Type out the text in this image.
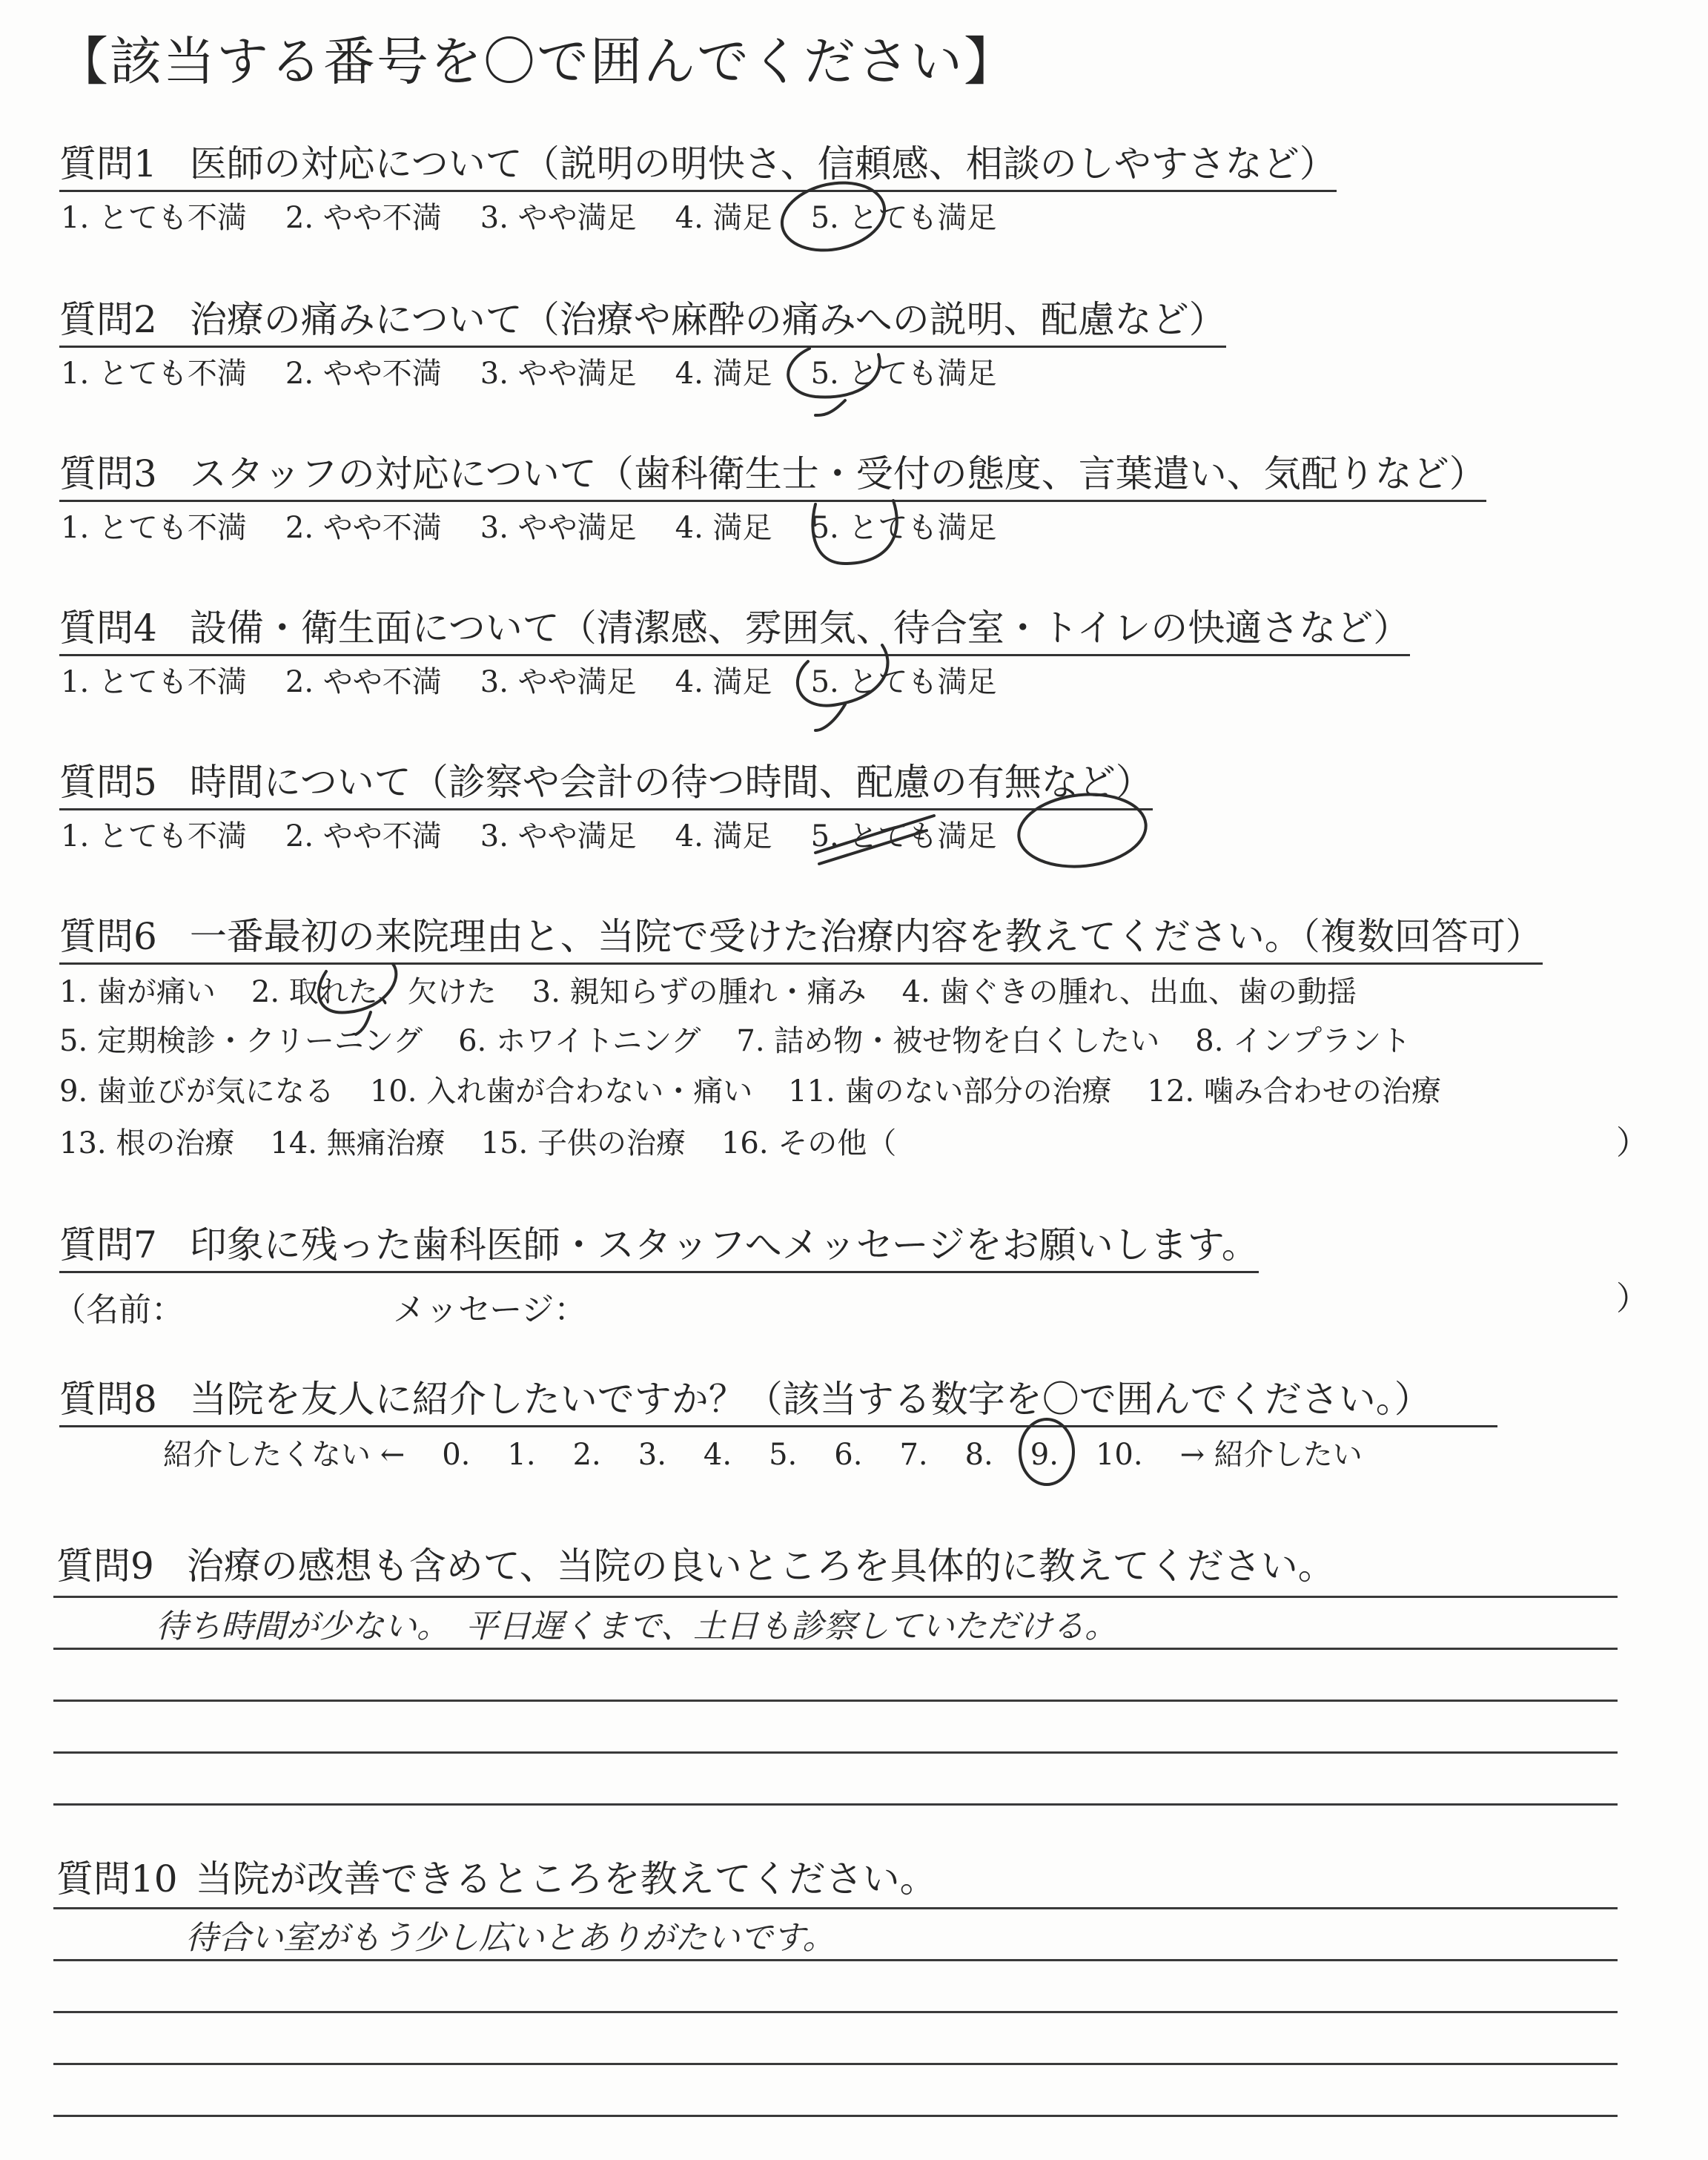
【該当する番号を〇で囲んでください】
質問1 医師の対応について（説明の明快さ、信頼感、相談のしやすさなど）
1. とても不満 2. やや不満 3. やや満足 4. 満足 5. とても満足
質問2 治療の痛みについて（治療や麻酔の痛みへの説明、配慮など）
1. とても不満 2. やや不満 3. やや満足 4. 満足 5. とても満足
質問3 スタッフの対応について（歯科衛生士・受付の態度、言葉遣い、気配りなど）
1. とても不満 2. やや不満 3. やや満足 4. 満足 5. とても満足
質問4 設備・衛生面について（清潔感、雰囲気、待合室・トイレの快適さなど）
1. とても不満 2. やや不満 3. やや満足 4. 満足 5. とても満足
質問5 時間について（診察や会計の待つ時間、配慮の有無など）
1. とても不満 2. やや不満 3. やや満足 4. 満足 5. とても満足
質問6 一番最初の来院理由と、当院で受けた治療内容を教えてください。（複数回答可）
1. 歯が痛い 2. 取れた、欠けた 3. 親知らずの腫れ・痛み 4. 歯ぐきの腫れ、出血、歯の動揺
5. 定期検診・クリーニング 6. ホワイトニング 7. 詰め物・被せ物を白くしたい 8. インプラント
9. 歯並びが気になる 10. 入れ歯が合わない・痛い 11. 歯のない部分の治療 12. 噛み合わせの治療
13. 根の治療 14. 無痛治療 15. 子供の治療 16. その他（	）
質問7 印象に残った歯科医師・スタッフへメッセージをお願いします。
（名前：	メッセージ：	）
質問8 当院を友人に紹介したいですか？（該当する数字を〇で囲んでください。）
紹介したくない ← 0. 1. 2. 3. 4. 5. 6. 7. 8. 9. 10. → 紹介したい
質問9 治療の感想も含めて、当院の良いところを具体的に教えてください。
待ち時間が少ない。　平日遅くまで、土日も診察していただける。
質問10 当院が改善できるところを教えてください。
待合い室がもう少し広いとありがたいです。
